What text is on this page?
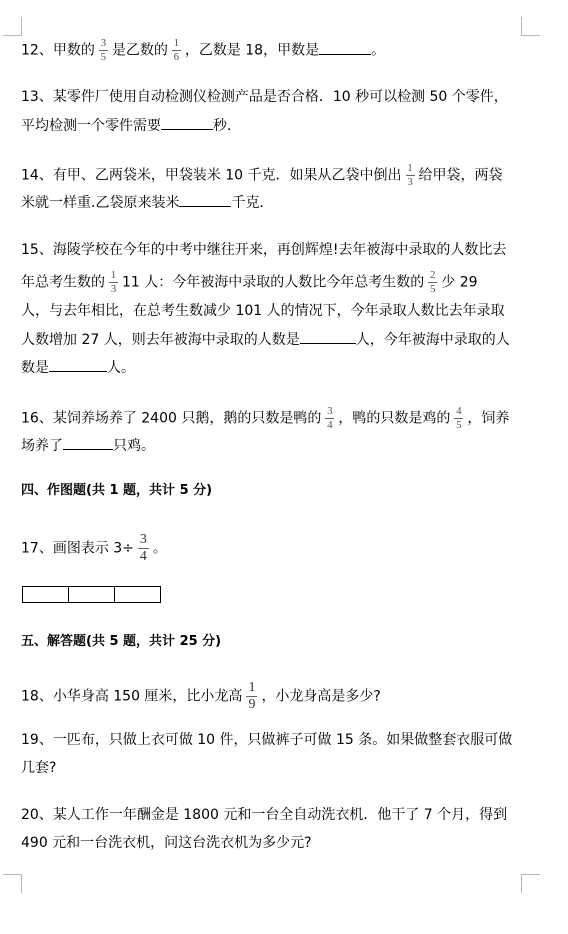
12、甲数的 $\frac{3}{5}$ 是乙数的 $\frac{1}{6}$ ，乙数是 18，甲数是	。
13、某零件厂使用自动检测仪检测产品是否合格．10 秒可以检测 50 个零件，
平均检测一个零件需要	秒．
14、有甲、乙两袋米，甲袋装米 10 千克．如果从乙袋中倒出 $\frac{1}{3}$ 给甲袋，两袋
米就一样重.乙袋原来装米	千克．
15、海陵学校在今年的中考中继往开来，再创辉煌!去年被海中录取的人数比去
年总考生数的 $\frac{1}{3} 11$ 人：今年被海中录取的人数比今年总考生数的 $\frac{2}{5}$ 少 29
人，与去年相比，在总考生数减少 101 人的情况下，今年录取人数比去年录取
人数增加 27 人，则去年被海中录取的人数是	人，今年被海中录取的人
数是	人。
16、某饲养场养了 2400 只鹅，鹅的只数是鸭的 $\frac{3}{4}$ ，鸭的只数是鸡的 $\frac{4}{5}$ ，饲养
场养了	只鸡。
四、作图题(共 1 题，共计 5 分)
17、画图表示 $3\div \frac{3}{4}$ 。
五、解答题(共 5 题，共计 25 分)
18、小华身高 150 厘米，比小龙高 $\frac{1}{9}$ ，小龙身高是多少?
19、一匹布，只做上衣可做 10 件，只做裤子可做 15 条。如果做整套衣服可做
几套?
20、某人工作一年酬金是 1800 元和一台全自动洗衣机．他干了 7 个月，得到
490 元和一台洗衣机，问这台洗衣机为多少元?
